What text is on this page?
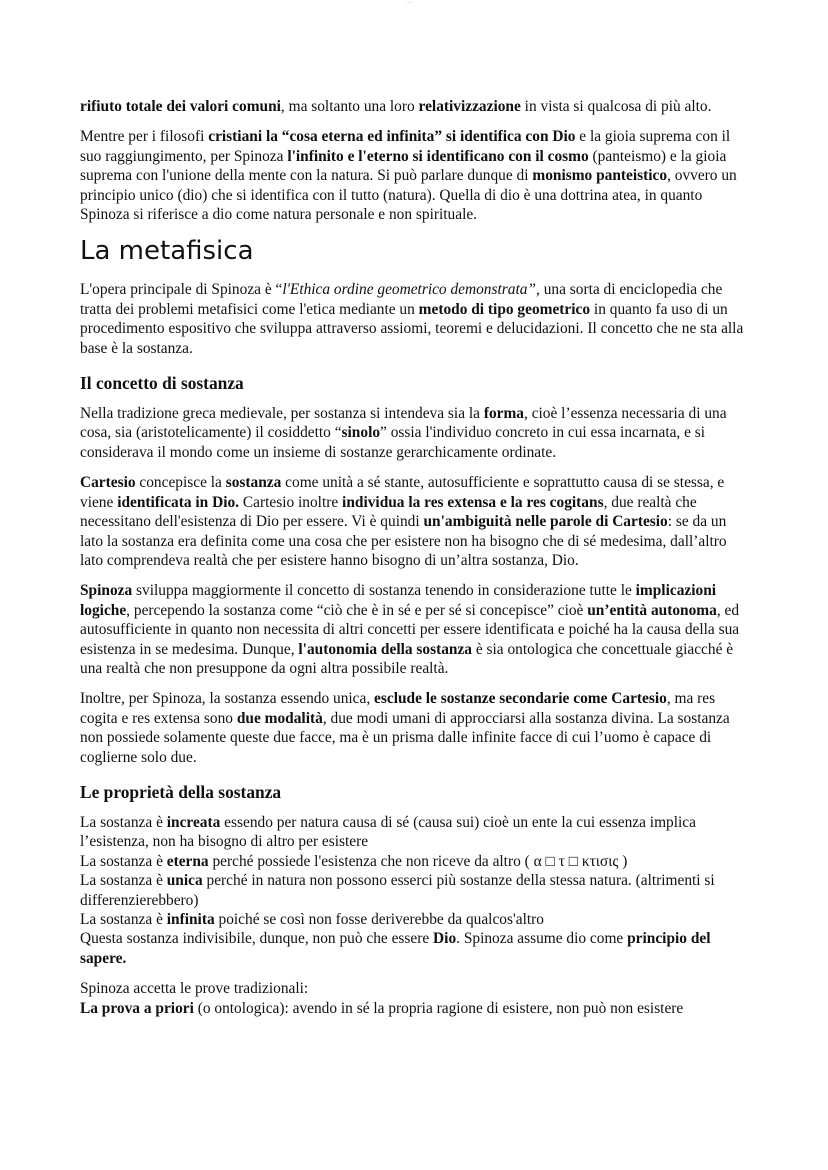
——

rifiuto totale dei valori comuni, ma soltanto una loro relativizzazione in vista si qualcosa di più alto.

Mentre per i filosofi cristiani la “cosa eterna ed infinita” si identifica con Dio e la gioia suprema con il suo raggiungimento, per Spinoza l'infinito e l'eterno si identificano con il cosmo (panteismo) e la gioia suprema con l'unione della mente con la natura. Si può parlare dunque di monismo panteistico, ovvero un principio unico (dio) che si identifica con il tutto (natura). Quella di dio è una dottrina atea, in quanto Spinoza si riferisce a dio come natura personale e non spirituale.

La metafisica

L'opera principale di Spinoza è “l'Ethica ordine geometrico demonstrata”, una sorta di enciclopedia che tratta dei problemi metafisici come l'etica mediante un metodo di tipo geometrico in quanto fa uso di un procedimento espositivo che sviluppa attraverso assiomi, teoremi e delucidazioni. Il concetto che ne sta alla base è la sostanza.

Il concetto di sostanza

Nella tradizione greca medievale, per sostanza si intendeva sia la forma, cioè l’essenza necessaria di una cosa, sia (aristotelicamente) il cosiddetto “sinolo” ossia l'individuo concreto in cui essa incarnata, e si considerava il mondo come un insieme di sostanze gerarchicamente ordinate.

Cartesio concepisce la sostanza come unità a sé stante, autosufficiente e soprattutto causa di se stessa, e viene identificata in Dio. Cartesio inoltre individua la res extensa e la res cogitans, due realtà che necessitano dell'esistenza di Dio per essere. Vi è quindi un'ambiguità nelle parole di Cartesio: se da un lato la sostanza era definita come una cosa che per esistere non ha bisogno che di sé medesima, dall’altro lato comprendeva realtà che per esistere hanno bisogno di un’altra sostanza, Dio.

Spinoza sviluppa maggiormente il concetto di sostanza tenendo in considerazione tutte le implicazioni logiche, percependo la sostanza come “ciò che è in sé e per sé si concepisce” cioè un’entità autonoma, ed autosufficiente in quanto non necessita di altri concetti per essere identificata e poiché ha la causa della sua esistenza in se medesima. Dunque, l'autonomia della sostanza è sia ontologica che concettuale giacché è una realtà che non presuppone da ogni altra possibile realtà.

Inoltre, per Spinoza, la sostanza essendo unica, esclude le sostanze secondarie come Cartesio, ma res cogita e res extensa sono due modalità, due modi umani di approcciarsi alla sostanza divina. La sostanza non possiede solamente queste due facce, ma è un prisma dalle infinite facce di cui l’uomo è capace di coglierne solo due.

Le proprietà della sostanza

La sostanza è increata essendo per natura causa di sé (causa sui) cioè un ente la cui essenza implica l’esistenza, non ha bisogno di altro per esistere

La sostanza è eterna perché possiede l'esistenza che non riceve da altro ( α □ τ □ κτισις )

La sostanza è unica perché in natura non possono esserci più sostanze della stessa natura. (altrimenti si differenzierebbero)

La sostanza è infinita poiché se così non fosse deriverebbe da qualcos'altro

Questa sostanza indivisibile, dunque, non può che essere Dio. Spinoza assume dio come principio del sapere.

Spinoza accetta le prove tradizionali:

La prova a priori (o ontologica): avendo in sé la propria ragione di esistere, non può non esistere
